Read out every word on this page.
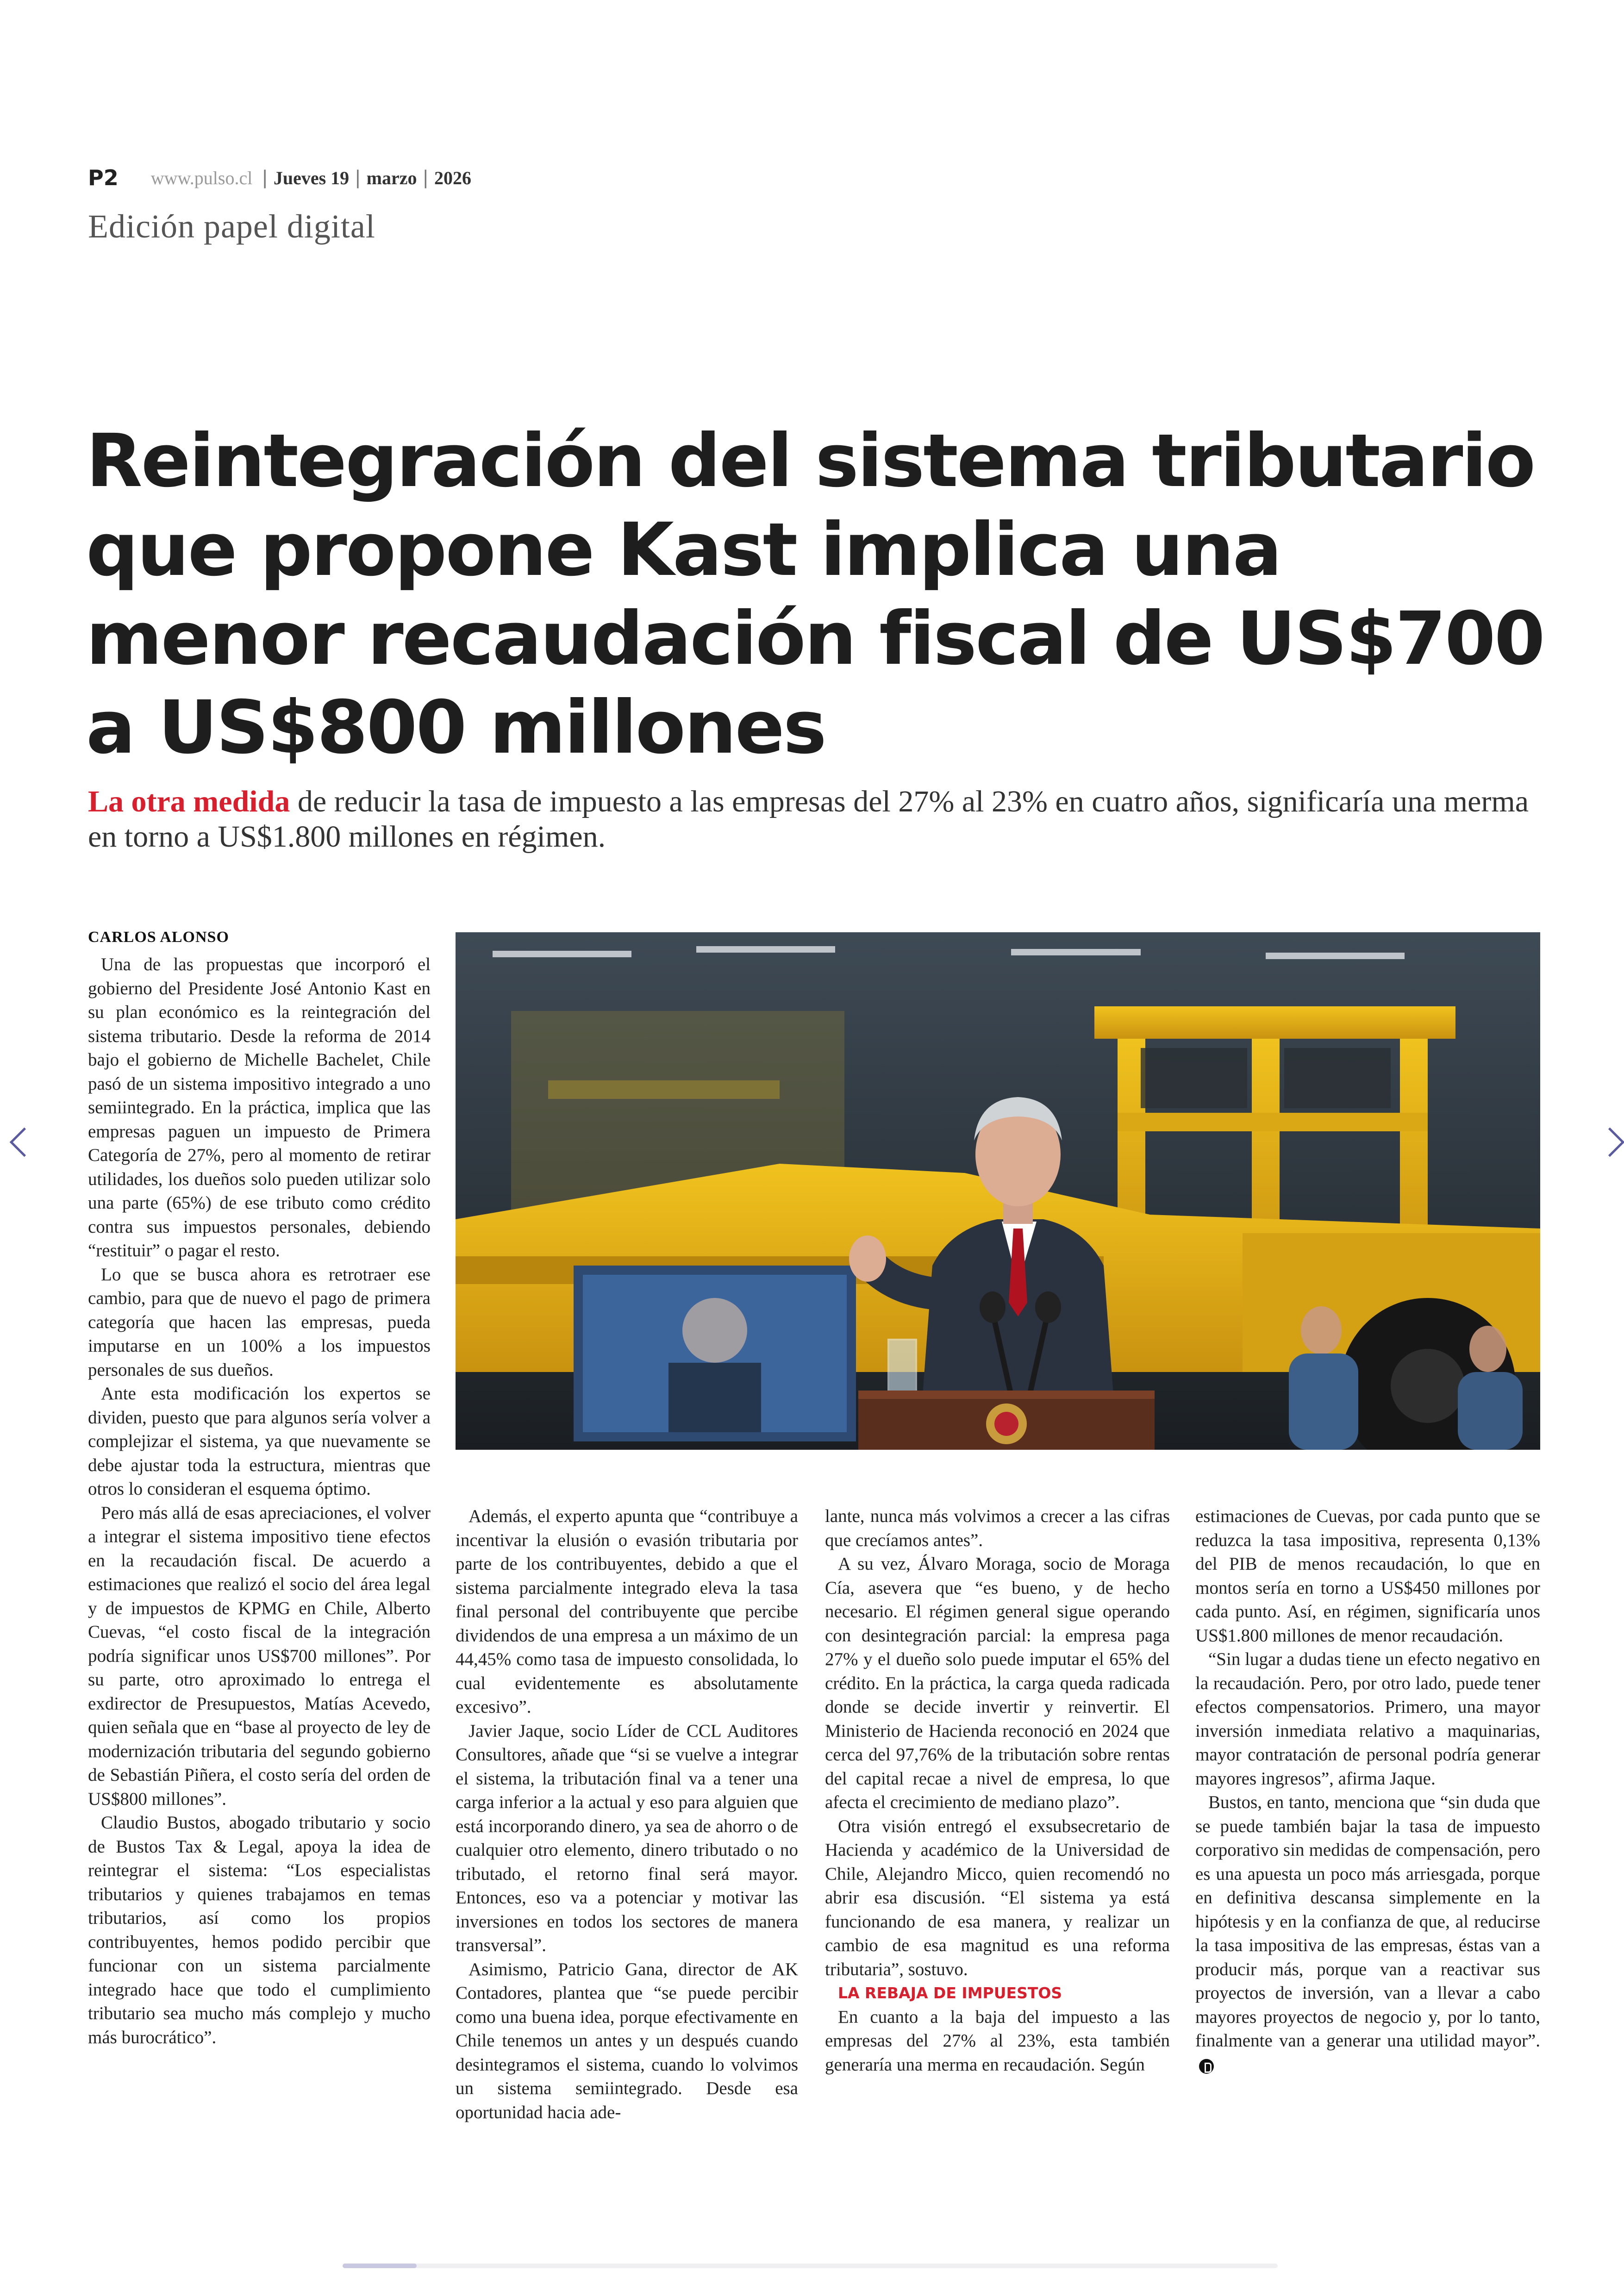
P2 www.pulso.cl | Jueves 19 | marzo | 2026
Edición papel digital
Reintegración del sistema tributario que propone Kast implica una menor recaudación fiscal de US$700 a US$800 millones
La otra medida de reducir la tasa de impuesto a las empresas del 27% al 23% en cuatro años, significaría una merma en torno a US$1.800 millones en régimen.
CARLOS ALONSO

Una de las propuestas que incorporó el gobierno del Presidente José Antonio Kast en su plan económico es la reintegración del sistema tributario. Desde la reforma de 2014 bajo el gobierno de Michelle Bachelet, Chile pasó de un sistema impositivo integrado a uno semiintegrado. En la práctica, implica que las empresas paguen un impuesto de Primera Categoría de 27%, pero al momento de retirar utilidades, los dueños solo pueden utilizar solo una parte (65%) de ese tributo como crédito contra sus impuestos personales, debiendo “restituir” o pagar el resto.

Lo que se busca ahora es retrotraer ese cambio, para que de nuevo el pago de primera categoría que hacen las empresas, pueda imputarse en un 100% a los impuestos personales de sus dueños.

Ante esta modificación los expertos se dividen, puesto que para algunos sería volver a complejizar el sistema, ya que nuevamente se debe ajustar toda la estructura, mientras que otros lo consideran el esquema óptimo.

Pero más allá de esas apreciaciones, el volver a integrar el sistema impositivo tiene efectos en la recaudación fiscal. De acuerdo a estimaciones que realizó el socio del área legal y de impuestos de KPMG en Chile, Alberto Cuevas, “el costo fiscal de la integración podría significar unos US$700 millones”. Por su parte, otro aproximado lo entrega el exdirector de Presupuestos, Matías Acevedo, quien señala que en “base al proyecto de ley de modernización tributaria del segundo gobierno de Sebastián Piñera, el costo sería del orden de US$800 millones”.

Claudio Bustos, abogado tributario y socio de Bustos Tax & Legal, apoya la idea de reintegrar el sistema: “Los especialistas tributarios y quienes trabajamos en temas tributarios, así como los propios contribuyentes, hemos podido percibir que funcionar con un sistema parcialmente integrado hace que todo el cumplimiento tributario sea mucho más complejo y mucho más burocrático”.

Además, el experto apunta que “contribuye a incentivar la elusión o evasión tributaria por parte de los contribuyentes, debido a que el sistema parcialmente integrado eleva la tasa final personal del contribuyente que percibe dividendos de una empresa a un máximo de un 44,45% como tasa de impuesto consolidada, lo cual evidentemente es absolutamente excesivo”.

Javier Jaque, socio Líder de CCL Auditores Consultores, añade que “si se vuelve a integrar el sistema, la tributación final va a tener una carga inferior a la actual y eso para alguien que está incorporando dinero, ya sea de ahorro o de cualquier otro elemento, dinero tributado o no tributado, el retorno final será mayor. Entonces, eso va a potenciar y motivar las inversiones en todos los sectores de manera transversal”.

Asimismo, Patricio Gana, director de AK Contadores, plantea que “se puede percibir como una buena idea, porque efectivamente en Chile tenemos un antes y un después cuando desintegramos el sistema, cuando lo volvimos un sistema semiintegrado. Desde esa oportunidad hacia ade-

lante, nunca más volvimos a crecer a las cifras que crecíamos antes”.

A su vez, Álvaro Moraga, socio de Moraga Cía, asevera que “es bueno, y de hecho necesario. El régimen general sigue operando con desintegración parcial: la empresa paga 27% y el dueño solo puede imputar el 65% del crédito. En la práctica, la carga queda radicada donde se decide invertir y reinvertir. El Ministerio de Hacienda reconoció en 2024 que cerca del 97,76% de la tributación sobre rentas del capital recae a nivel de empresa, lo que afecta el crecimiento de mediano plazo”.

Otra visión entregó el exsubsecretario de Hacienda y académico de la Universidad de Chile, Alejandro Micco, quien recomendó no abrir esa discusión. “El sistema ya está funcionando de esa manera, y realizar un cambio de esa magnitud es una reforma tributaria”, sostuvo.

LA REBAJA DE IMPUESTOS

En cuanto a la baja del impuesto a las empresas del 27% al 23%, esta también generaría una merma en recaudación. Según

estimaciones de Cuevas, por cada punto que se reduzca la tasa impositiva, representa 0,13% del PIB de menos recaudación, lo que en montos sería en torno a US$450 millones por cada punto. Así, en régimen, significaría unos US$1.800 millones de menor recaudación.

“Sin lugar a dudas tiene un efecto negativo en la recaudación. Pero, por otro lado, puede tener efectos compensatorios. Primero, una mayor inversión inmediata relativo a maquinarias, mayor contratación de personal podría generar mayores ingresos”, afirma Jaque.

Bustos, en tanto, menciona que “sin duda que se puede también bajar la tasa de impuesto corporativo sin medidas de compensación, pero es una apuesta un poco más arriesgada, porque en definitiva descansa simplemente en la hipótesis y en la confianza de que, al reducirse la tasa impositiva de las empresas, éstas van a producir más, porque van a reactivar sus proyectos de inversión, van a llevar a cabo mayores proyectos de negocio y, por lo tanto, finalmente van a generar una utilidad mayor”.
